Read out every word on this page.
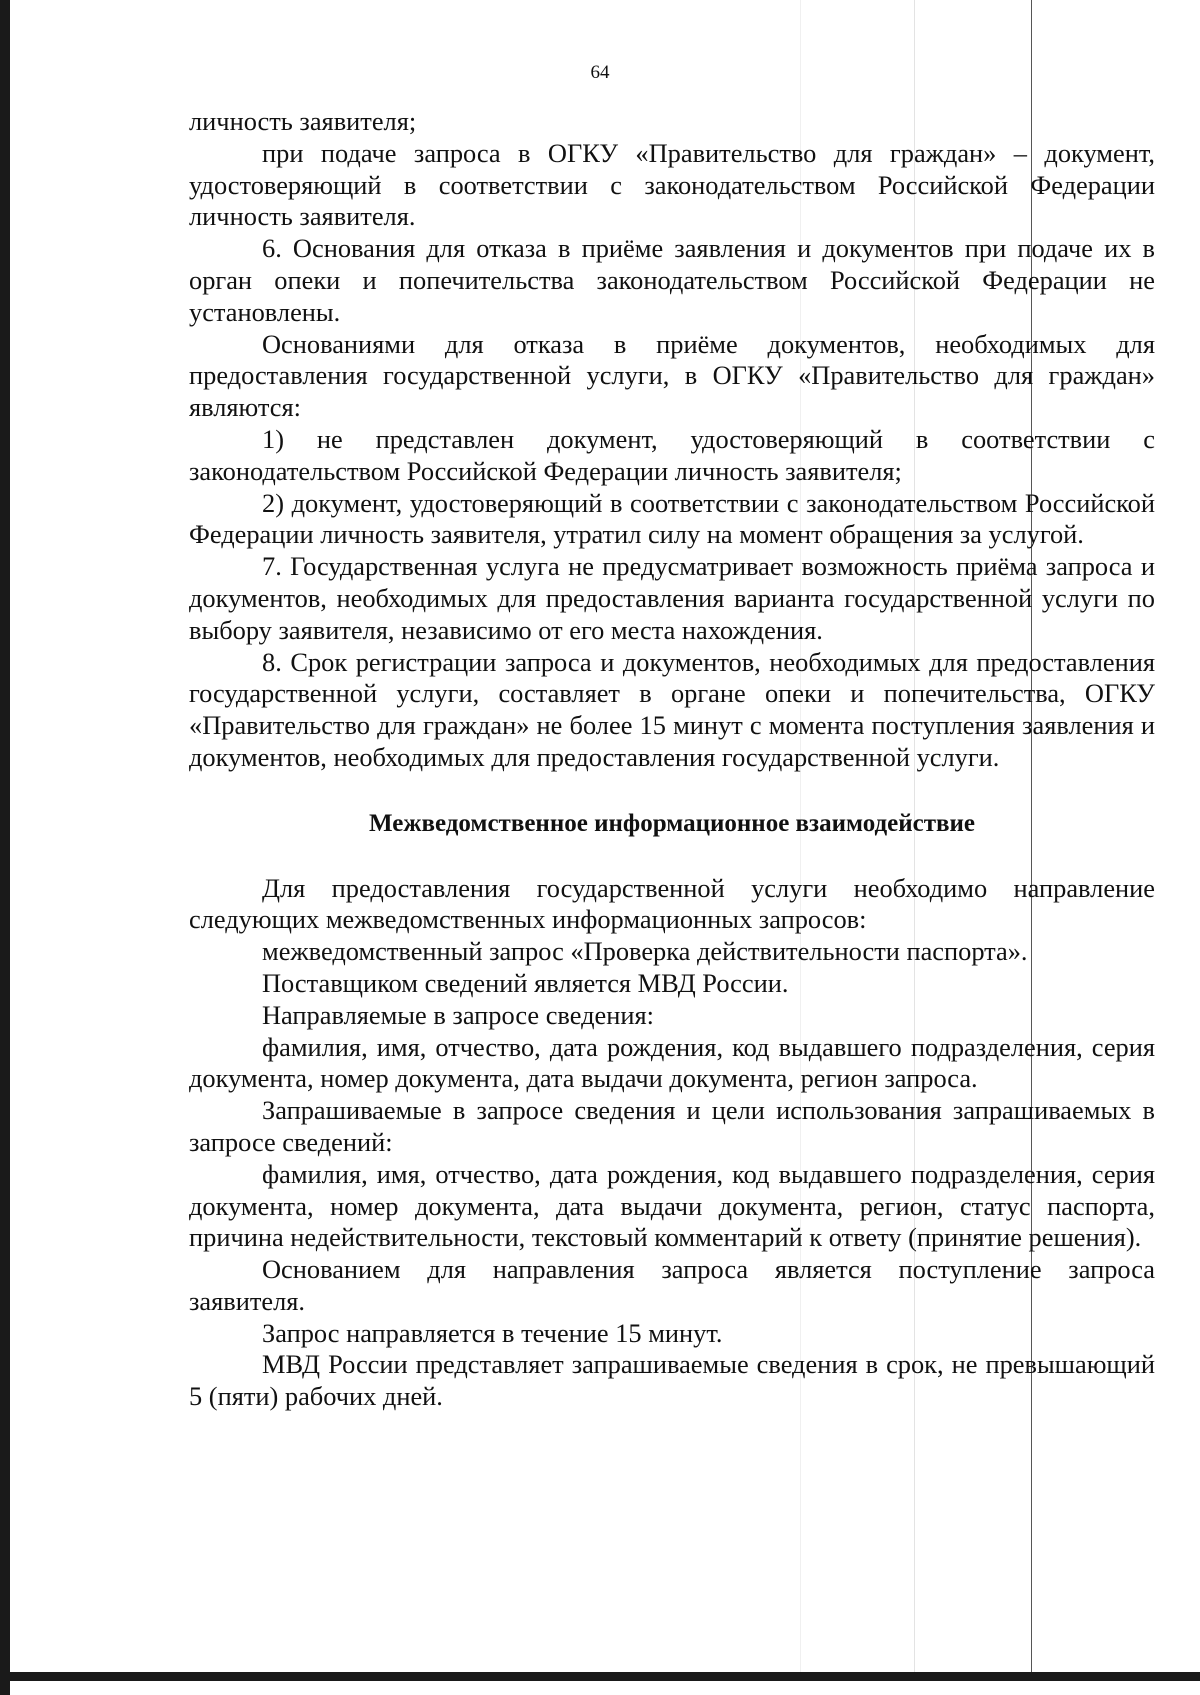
64

личность заявителя;

при подаче запроса в ОГКУ «Правительство для граждан» – документ, удостоверяющий в соответствии с законодательством Российской Федерации личность заявителя.

6. Основания для отказа в приёме заявления и документов при подаче их в орган опеки и попечительства законодательством Российской Федерации не установлены.

Основаниями для отказа в приёме документов, необходимых для предоставления государственной услуги, в ОГКУ «Правительство для граждан» являются:

1) не представлен документ, удостоверяющий в соответствии с законодательством Российской Федерации личность заявителя;

2) документ, удостоверяющий в соответствии с законодательством Российской Федерации личность заявителя, утратил силу на момент обращения за услугой.

7. Государственная услуга не предусматривает возможность приёма запроса и документов, необходимых для предоставления варианта государственной услуги по выбору заявителя, независимо от его места нахождения.

8. Срок регистрации запроса и документов, необходимых для предоставления государственной услуги, составляет в органе опеки и попечительства, ОГКУ «Правительство для граждан» не более 15 минут с момента поступления заявления и документов, необходимых для предоставления государственной услуги.

Межведомственное информационное взаимодействие

Для предоставления государственной услуги необходимо направление следующих межведомственных информационных запросов:

межведомственный запрос «Проверка действительности паспорта».

Поставщиком сведений является МВД России.

Направляемые в запросе сведения:

фамилия, имя, отчество, дата рождения, код выдавшего подразделения, серия документа, номер документа, дата выдачи документа, регион запроса.

Запрашиваемые в запросе сведения и цели использования запрашиваемых в запросе сведений:

фамилия, имя, отчество, дата рождения, код выдавшего подразделения, серия документа, номер документа, дата выдачи документа, регион, статус паспорта, причина недействительности, текстовый комментарий к ответу (принятие решения).

Основанием для направления запроса является поступление запроса заявителя.

Запрос направляется в течение 15 минут.

МВД России представляет запрашиваемые сведения в срок, не превышающий 5 (пяти) рабочих дней.
